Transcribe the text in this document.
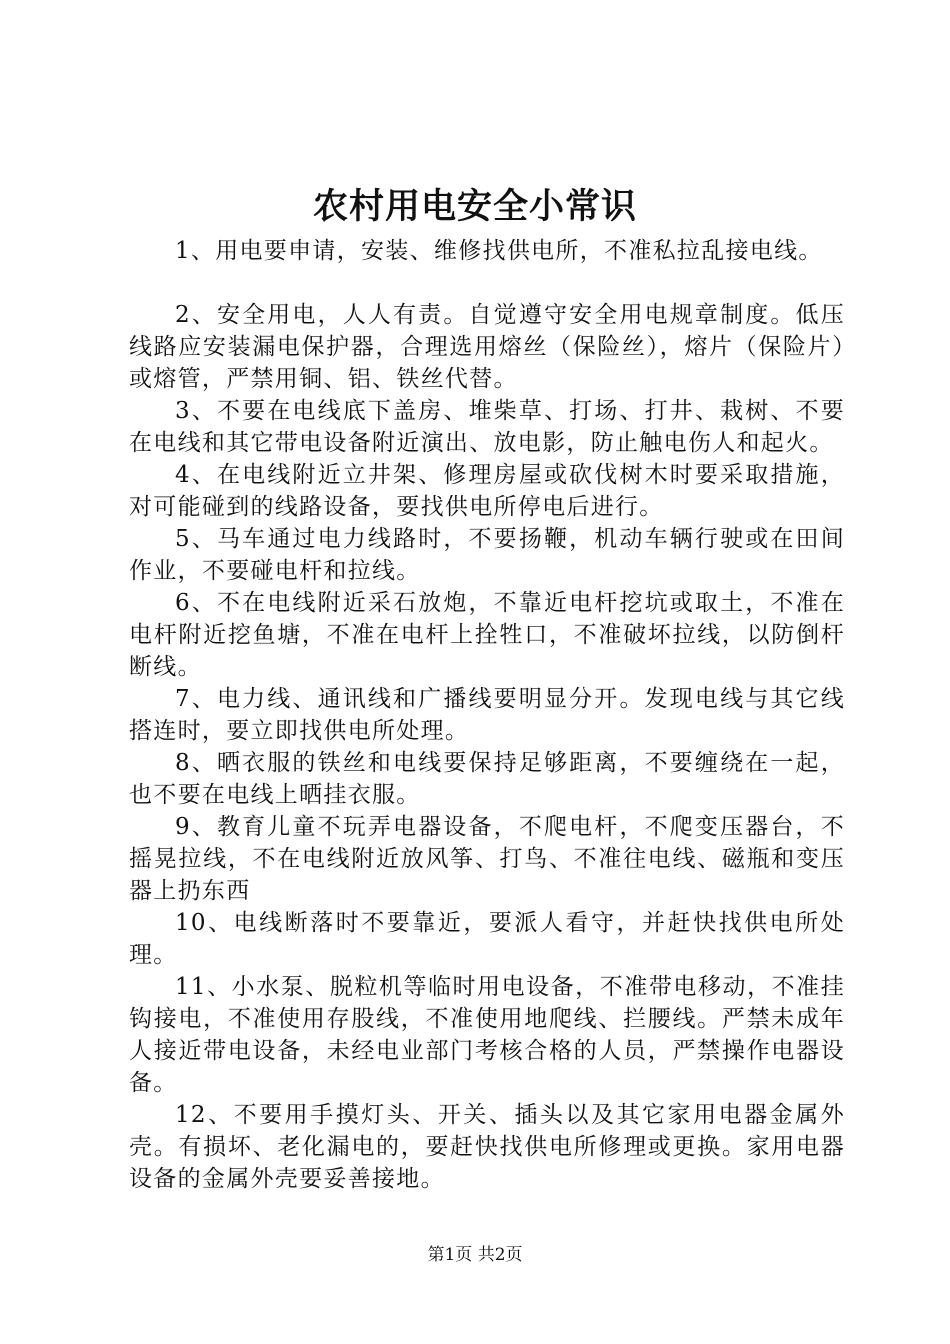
农村用电安全小常识

1、用电要申请，安装、维修找供电所，不准私拉乱接电线。

2、安全用电，人人有责。自觉遵守安全用电规章制度。低压线路应安装漏电保护器，合理选用熔丝（保险丝），熔片（保险片）或熔管，严禁用铜、铝、铁丝代替。

3、不要在电线底下盖房、堆柴草、打场、打井、栽树、不要在电线和其它带电设备附近演出、放电影，防止触电伤人和起火。

4、在电线附近立井架、修理房屋或砍伐树木时要采取措施，对可能碰到的线路设备，要找供电所停电后进行。

5、马车通过电力线路时，不要扬鞭，机动车辆行驶或在田间作业，不要碰电杆和拉线。

6、不在电线附近采石放炮，不靠近电杆挖坑或取土，不准在电杆附近挖鱼塘，不准在电杆上拴牲口，不准破坏拉线，以防倒杆断线。

7、电力线、通讯线和广播线要明显分开。发现电线与其它线搭连时，要立即找供电所处理。

8、晒衣服的铁丝和电线要保持足够距离，不要缠绕在一起，也不要在电线上晒挂衣服。

9、教育儿童不玩弄电器设备，不爬电杆，不爬变压器台，不摇晃拉线，不在电线附近放风筝、打鸟、不准往电线、磁瓶和变压器上扔东西

10、电线断落时不要靠近，要派人看守，并赶快找供电所处理。

11、小水泵、脱粒机等临时用电设备，不准带电移动，不准挂钩接电，不准使用存股线，不准使用地爬线、拦腰线。严禁未成年人接近带电设备，未经电业部门考核合格的人员，严禁操作电器设备。

12、不要用手摸灯头、开关、插头以及其它家用电器金属外壳。有损坏、老化漏电的，要赶快找供电所修理或更换。家用电器设备的金属外壳要妥善接地。

第1页 共2页
